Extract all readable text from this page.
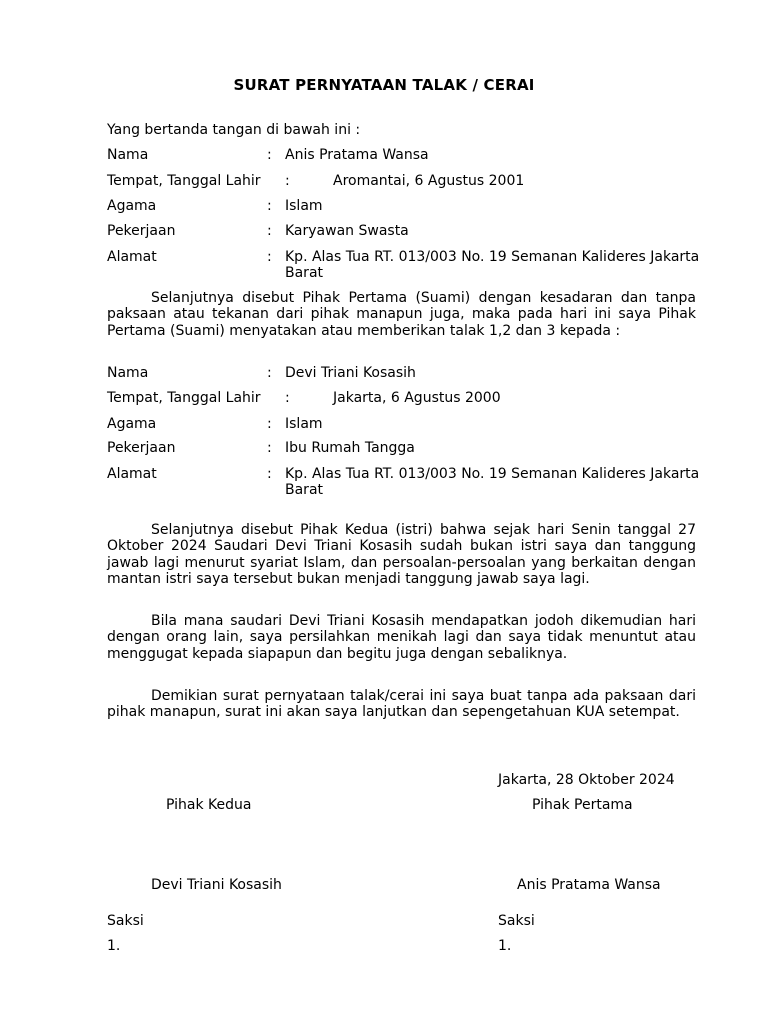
SURAT PERNYATAAN TALAK / CERAI
Yang bertanda tangan di bawah ini :
Nama	: Anis Pratama Wansa
Tempat, Tanggal Lahir :	Aromantai, 6 Agustus 2001
Agama	: Islam
Pekerjaan	: Karyawan Swasta
Alamat	: Kp. Alas Tua RT. 013/003 No. 19 Semanan Kalideres Jakarta Barat
Selanjutnya disebut Pihak Pertama (Suami) dengan kesadaran dan tanpa paksaan atau tekanan dari pihak manapun juga, maka pada hari ini saya Pihak Pertama (Suami) menyatakan atau memberikan talak 1,2 dan 3 kepada :
Nama	: Devi Triani Kosasih
Tempat, Tanggal Lahir :	Jakarta, 6 Agustus 2000
Agama	: Islam
Pekerjaan	: Ibu Rumah Tangga
Alamat	: Kp. Alas Tua RT. 013/003 No. 19 Semanan Kalideres Jakarta Barat
Selanjutnya disebut Pihak Kedua (istri) bahwa sejak hari Senin tanggal 27 Oktober 2024 Saudari Devi Triani Kosasih sudah bukan istri saya dan tanggung jawab lagi menurut syariat Islam, dan persoalan-persoalan yang berkaitan dengan mantan istri saya tersebut bukan menjadi tanggung jawab saya lagi.
Bila mana saudari Devi Triani Kosasih mendapatkan jodoh dikemudian hari dengan orang lain, saya persilahkan menikah lagi dan saya tidak menuntut atau menggugat kepada siapapun dan begitu juga dengan sebaliknya.
Demikian surat pernyataan talak/cerai ini saya buat tanpa ada paksaan dari pihak manapun, surat ini akan saya lanjutkan dan sepengetahuan KUA setempat.
Jakarta, 28 Oktober 2024
Pihak Kedua	Pihak Pertama
Devi Triani Kosasih	Anis Pratama Wansa
Saksi	Saksi
1.	1.
